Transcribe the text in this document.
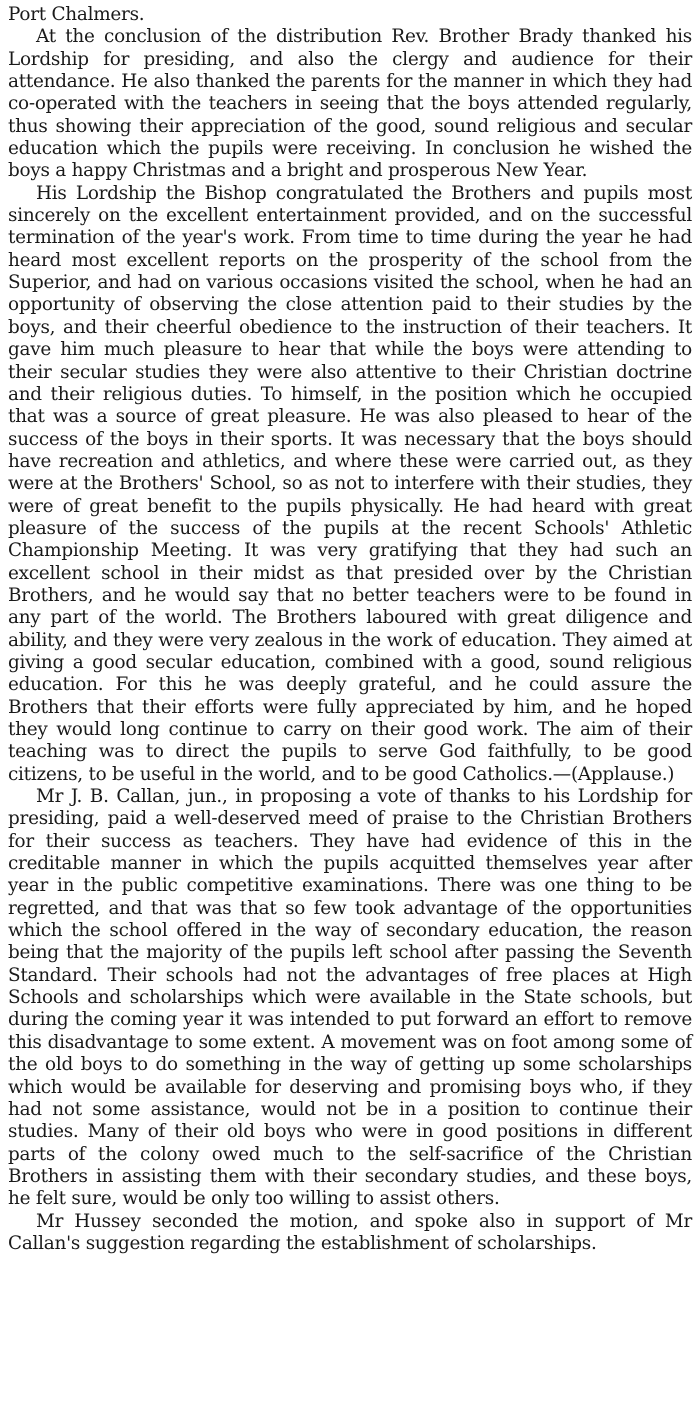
Port Chalmers.

At the conclusion of the distribution Rev. Brother Brady thanked his Lordship for presiding, and also the clergy and audience for their attendance. He also thanked the parents for the manner in which they had co-operated with the teachers in seeing that the boys attended regularly, thus showing their appreciation of the good, sound religious and secular education which the pupils were receiving. In conclusion he wished the boys a happy Christmas and a bright and prosperous New Year.

His Lordship the Bishop congratulated the Brothers and pupils most sincerely on the excellent entertainment provided, and on the successful termination of the year's work. From time to time during the year he had heard most excellent reports on the prosperity of the school from the Superior, and had on various occasions visited the school, when he had an opportunity of observing the close attention paid to their studies by the boys, and their cheerful obedience to the instruction of their teachers. It gave him much pleasure to hear that while the boys were attending to their secular studies they were also attentive to their Christian doctrine and their religious duties. To himself, in the position which he occupied that was a source of great pleasure. He was also pleased to hear of the success of the boys in their sports. It was necessary that the boys should have recreation and athletics, and where these were carried out, as they were at the Brothers' School, so as not to interfere with their studies, they were of great benefit to the pupils physically. He had heard with great pleasure of the success of the pupils at the recent Schools' Athletic Championship Meeting. It was very gratifying that they had such an excellent school in their midst as that presided over by the Christian Brothers, and he would say that no better teachers were to be found in any part of the world. The Brothers laboured with great diligence and ability, and they were very zealous in the work of education. They aimed at giving a good secular education, combined with a good, sound religious education. For this he was deeply grateful, and he could assure the Brothers that their efforts were fully appreciated by him, and he hoped they would long continue to carry on their good work. The aim of their teaching was to direct the pupils to serve God faithfully, to be good citizens, to be useful in the world, and to be good Catholics.—(Applause.)

Mr J. B. Callan, jun., in proposing a vote of thanks to his Lordship for presiding, paid a well-deserved meed of praise to the Christian Brothers for their success as teachers. They have had evidence of this in the creditable manner in which the pupils acquitted themselves year after year in the public competitive examinations. There was one thing to be regretted, and that was that so few took advantage of the opportunities which the school offered in the way of secondary education, the reason being that the majority of the pupils left school after passing the Seventh Standard. Their schools had not the advantages of free places at High Schools and scholarships which were available in the State schools, but during the coming year it was intended to put forward an effort to remove this disadvantage to some extent. A movement was on foot among some of the old boys to do something in the way of getting up some scholarships which would be available for deserving and promising boys who, if they had not some assistance, would not be in a position to continue their studies. Many of their old boys who were in good positions in different parts of the colony owed much to the self-sacrifice of the Christian Brothers in assisting them with their secondary studies, and these boys, he felt sure, would be only too willing to assist others.

Mr Hussey seconded the motion, and spoke also in support of Mr Callan's suggestion regarding the establishment of scholarships.
